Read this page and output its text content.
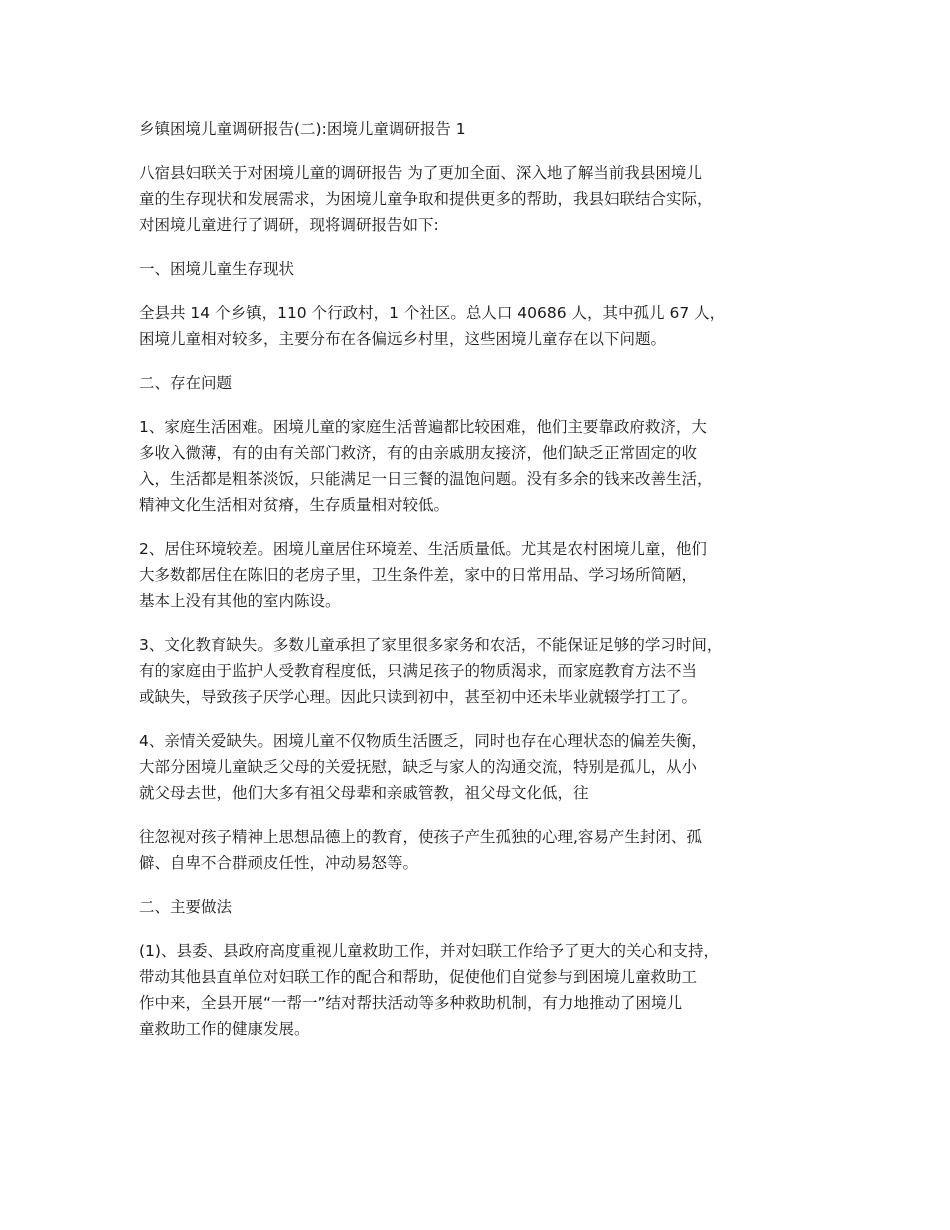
乡镇困境儿童调研报告(二):困境儿童调研报告 1

八宿县妇联关于对困境儿童的调研报告 为了更加全面、深入地了解当前我县困境儿
童的生存现状和发展需求，为困境儿童争取和提供更多的帮助，我县妇联结合实际，
对困境儿童进行了调研，现将调研报告如下:

一、困境儿童生存现状

全县共 14 个乡镇，110 个行政村，1 个社区。总人口 40686 人，其中孤儿 67 人，
困境儿童相对较多，主要分布在各偏远乡村里，这些困境儿童存在以下问题。

二、存在问题

1、家庭生活困难。困境儿童的家庭生活普遍都比较困难，他们主要靠政府救济，大
多收入微薄，有的由有关部门救济，有的由亲戚朋友接济，他们缺乏正常固定的收
入，生活都是粗茶淡饭，只能满足一日三餐的温饱问题。没有多余的钱来改善生活，
精神文化生活相对贫瘠，生存质量相对较低。

2、居住环境较差。困境儿童居住环境差、生活质量低。尤其是农村困境儿童，他们
大多数都居住在陈旧的老房子里，卫生条件差，家中的日常用品、学习场所简陋，
基本上没有其他的室内陈设。

3、文化教育缺失。多数儿童承担了家里很多家务和农活，不能保证足够的学习时间，
有的家庭由于监护人受教育程度低，只满足孩子的物质渴求，而家庭教育方法不当
或缺失，导致孩子厌学心理。因此只读到初中，甚至初中还未毕业就辍学打工了。

4、亲情关爱缺失。困境儿童不仅物质生活匮乏，同时也存在心理状态的偏差失衡，
大部分困境儿童缺乏父母的关爱抚慰，缺乏与家人的沟通交流，特别是孤儿，从小
就父母去世，他们大多有祖父母辈和亲戚管教，祖父母文化低，往

往忽视对孩子精神上思想品德上的教育，使孩子产生孤独的心理,容易产生封闭、孤
僻、自卑不合群顽皮任性，冲动易怒等。

二、主要做法

(1)、县委、县政府高度重视儿童救助工作，并对妇联工作给予了更大的关心和支持，
带动其他县直单位对妇联工作的配合和帮助，促使他们自觉参与到困境儿童救助工
作中来，全县开展“一帮一”结对帮扶活动等多种救助机制，有力地推动了困境儿
童救助工作的健康发展。
